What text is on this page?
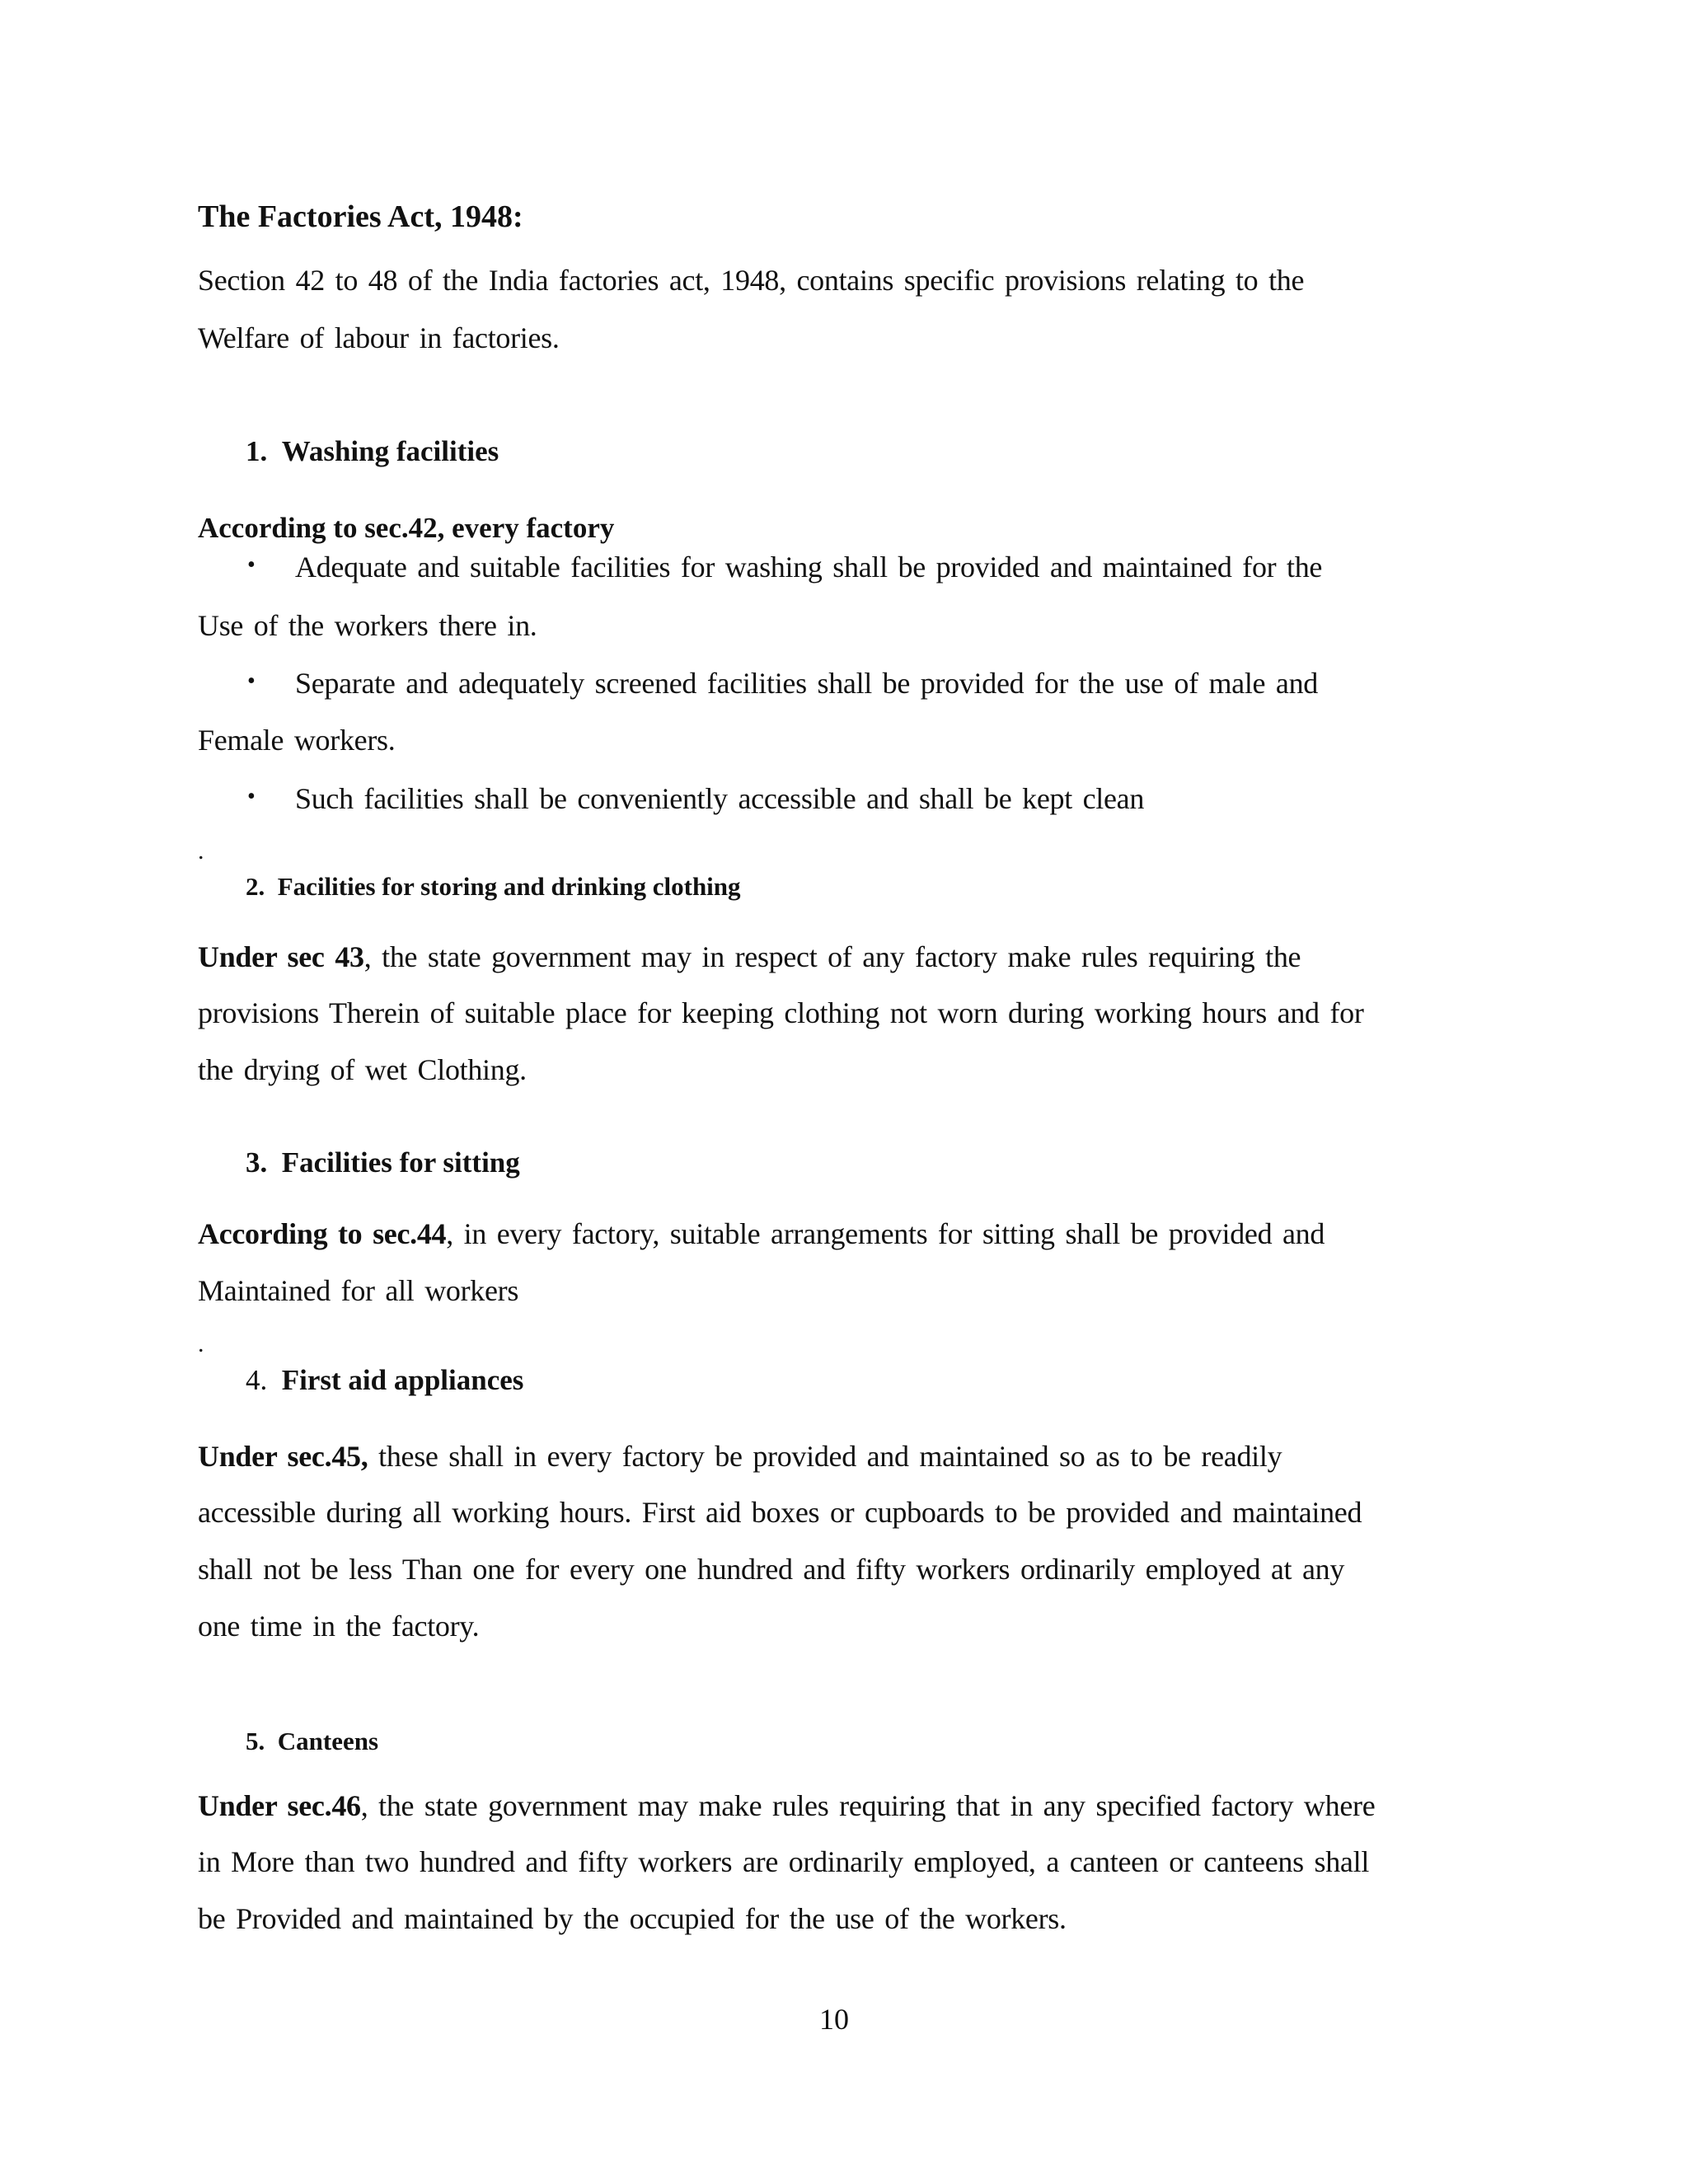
The Factories Act, 1948:
Section 42 to 48 of the India factories act, 1948, contains specific provisions relating to the
Welfare of labour in factories.
1. Washing facilities
According to sec.42, every factory
• Adequate and suitable facilities for washing shall be provided and maintained for the
Use of the workers there in.
• Separate and adequately screened facilities shall be provided for the use of male and
Female workers.
• Such facilities shall be conveniently accessible and shall be kept clean
.
2. Facilities for storing and drinking clothing
Under sec 43, the state government may in respect of any factory make rules requiring the
provisions Therein of suitable place for keeping clothing not worn during working hours and for
the drying of wet Clothing.
3. Facilities for sitting
According to sec.44, in every factory, suitable arrangements for sitting shall be provided and
Maintained for all workers
.
4. First aid appliances
Under sec.45, these shall in every factory be provided and maintained so as to be readily
accessible during all working hours. First aid boxes or cupboards to be provided and maintained
shall not be less Than one for every one hundred and fifty workers ordinarily employed at any
one time in the factory.
5. Canteens
Under sec.46, the state government may make rules requiring that in any specified factory where
in More than two hundred and fifty workers are ordinarily employed, a canteen or canteens shall
be Provided and maintained by the occupied for the use of the workers.
10
